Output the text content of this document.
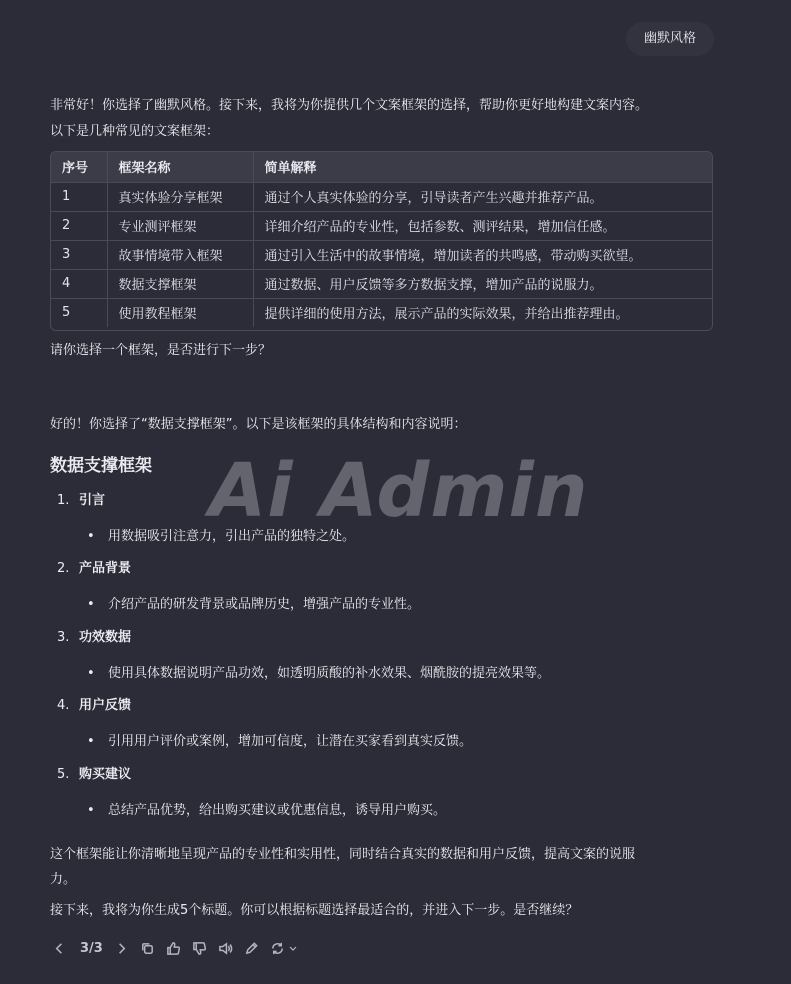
幽默风格
非常好！你选择了幽默风格。接下来，我将为你提供几个文案框架的选择，帮助你更好地构建文案内容。
以下是几种常见的文案框架：
序号	框架名称	简单解释
1	真实体验分享框架	通过个人真实体验的分享，引导读者产生兴趣并推荐产品。
2	专业测评框架	详细介绍产品的专业性，包括参数、测评结果，增加信任感。
3	故事情境带入框架	通过引入生活中的故事情境，增加读者的共鸣感，带动购买欲望。
4	数据支撑框架	通过数据、用户反馈等多方数据支撑，增加产品的说服力。
5	使用教程框架	提供详细的使用方法，展示产品的实际效果，并给出推荐理由。
请你选择一个框架，是否进行下一步？
好的！你选择了“数据支撑框架”。以下是该框架的具体结构和内容说明：
Ai Admin
数据支撑框架
1. 引言
• 用数据吸引注意力，引出产品的独特之处。
2. 产品背景
• 介绍产品的研发背景或品牌历史，增强产品的专业性。
3. 功效数据
• 使用具体数据说明产品功效，如透明质酸的补水效果、烟酰胺的提亮效果等。
4. 用户反馈
• 引用用户评价或案例，增加可信度，让潜在买家看到真实反馈。
5. 购买建议
• 总结产品优势，给出购买建议或优惠信息，诱导用户购买。
这个框架能让你清晰地呈现产品的专业性和实用性，同时结合真实的数据和用户反馈，提高文案的说服
力。
接下来，我将为你生成5个标题。你可以根据标题选择最适合的，并进入下一步。是否继续？
3/3
